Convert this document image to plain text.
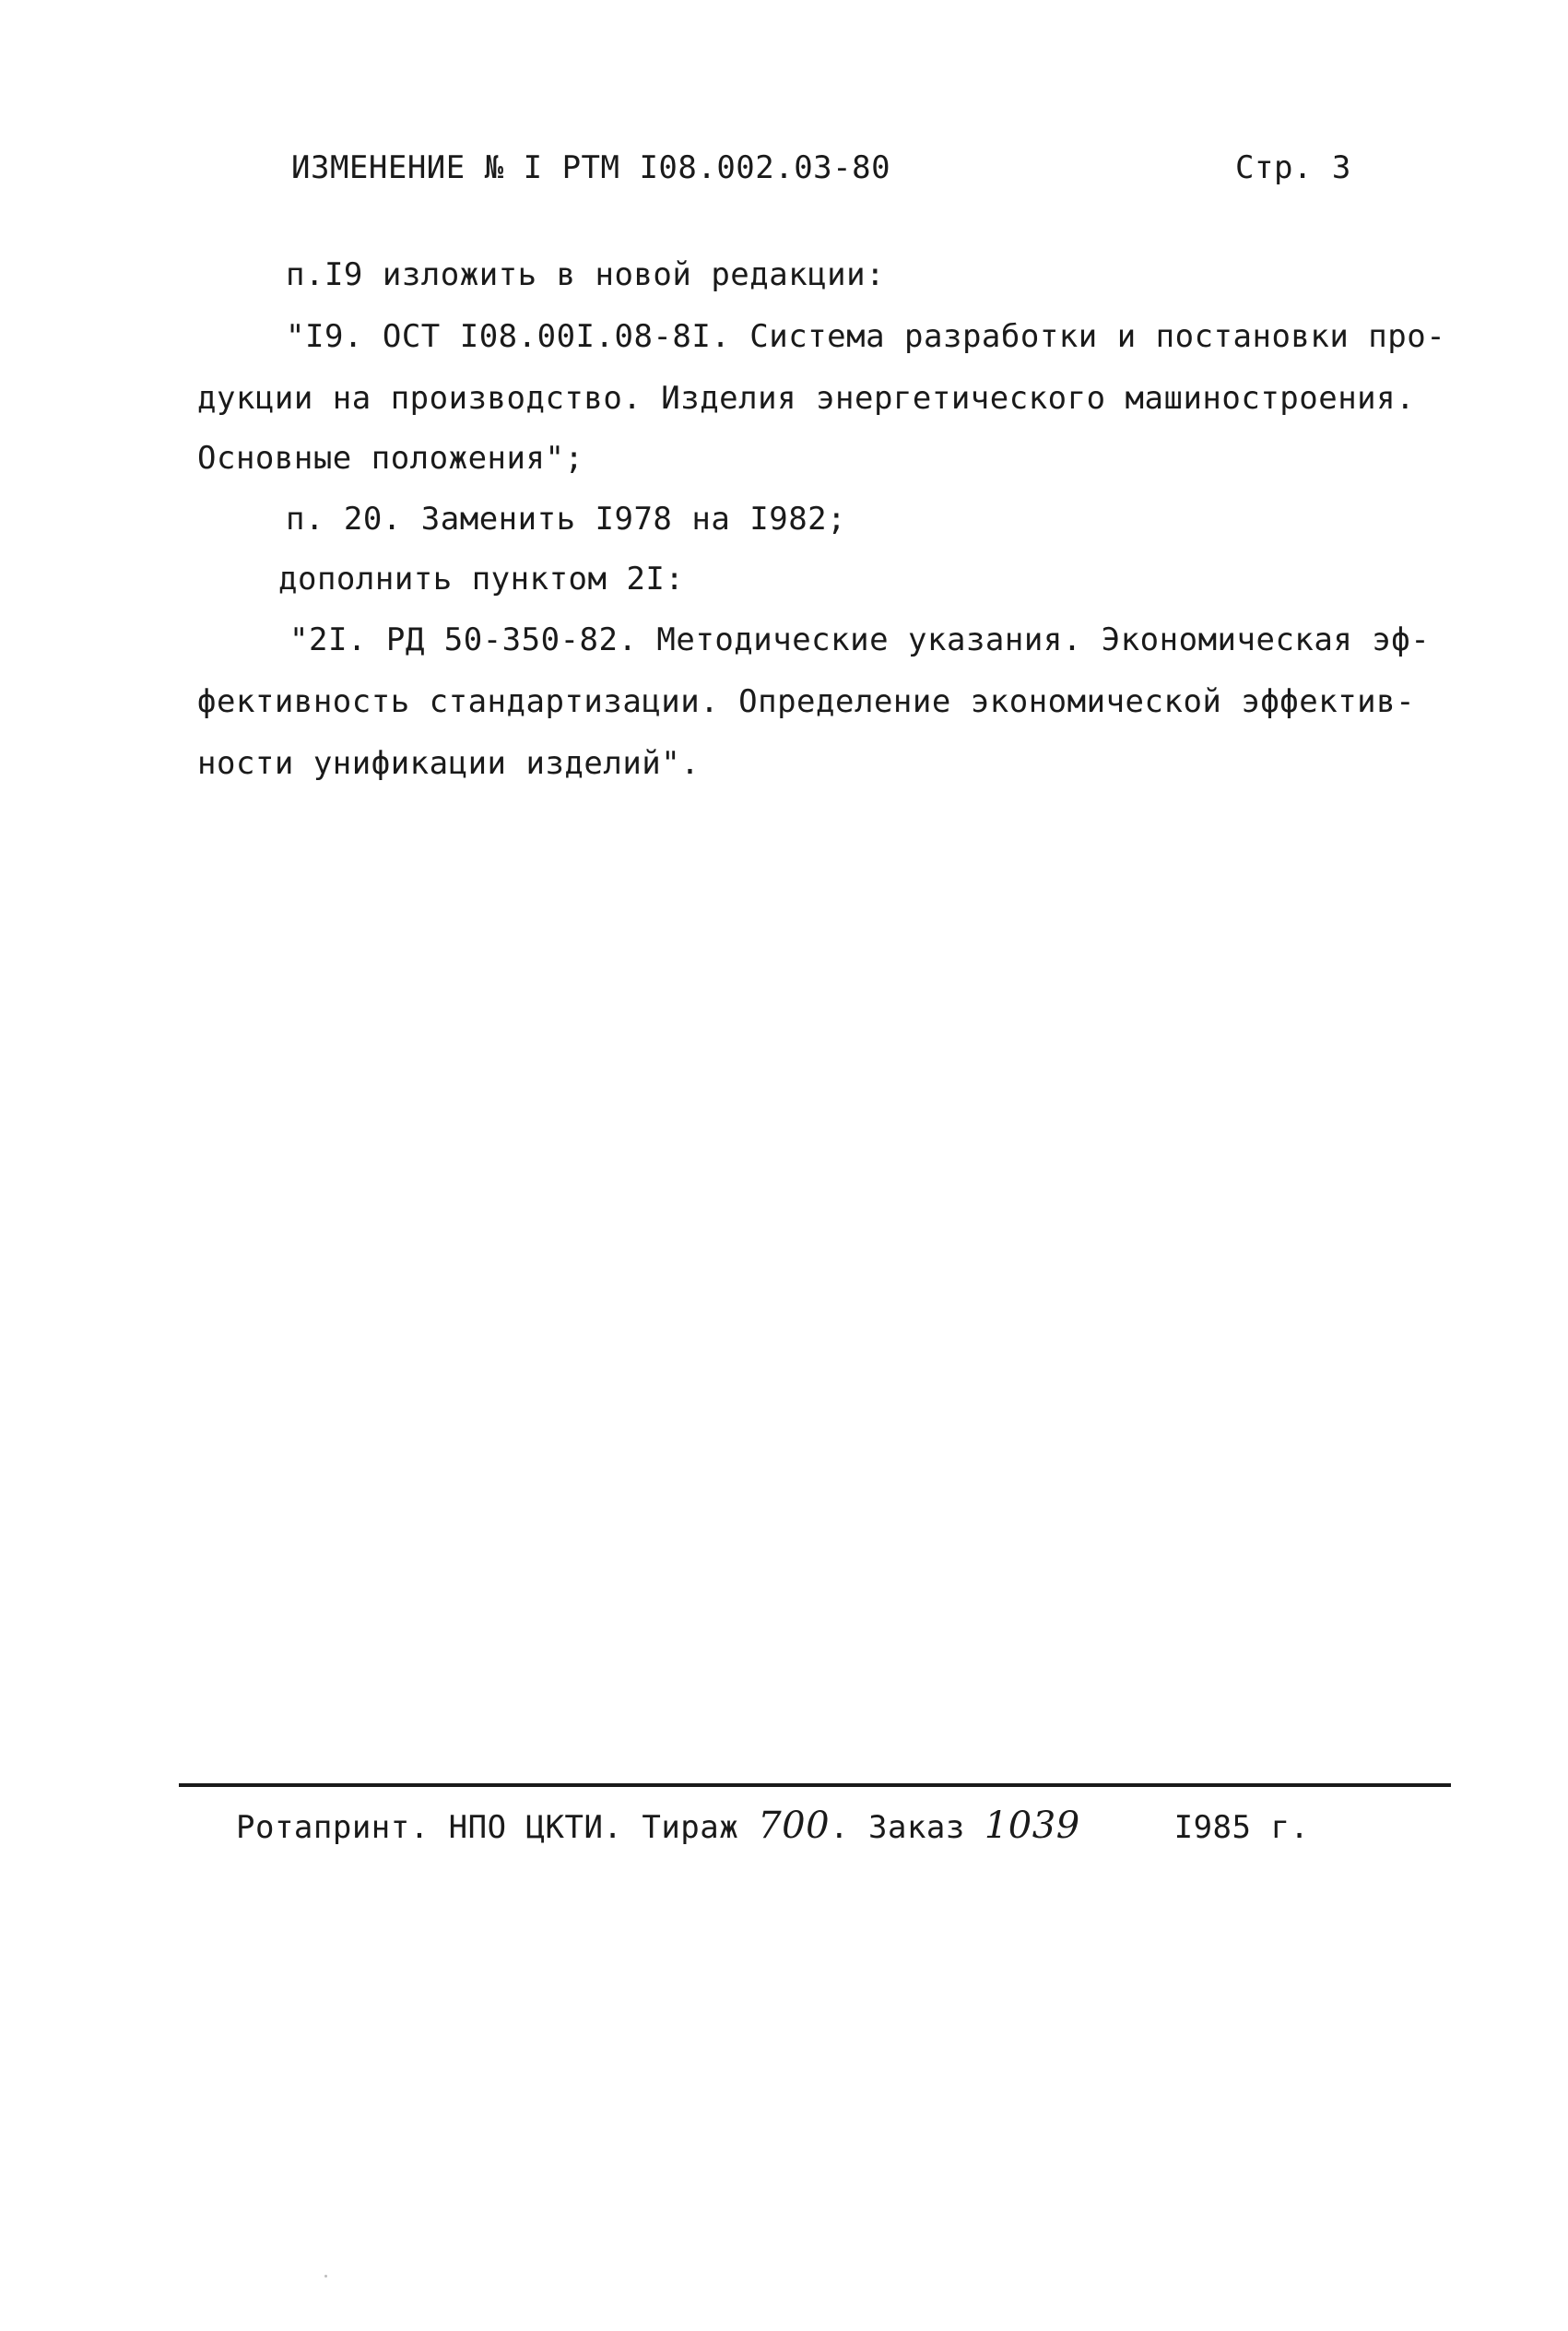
ИЗМЕНЕНИЕ № I РТМ I08.002.03-80	Стр. 3
п.I9 изложить в новой редакции:
"I9. ОСТ I08.00I.08-8I. Система разработки и постановки про-
дукции на производство. Изделия энергетического машиностроения.
Основные положения";
п. 20. Заменить I978 на I982;
дополнить пунктом 2I:
"2I. РД 50-350-82. Методические указания. Экономическая эф-
фективность стандартизации. Определение экономической эффектив-
ности унификации изделий".
Ротапринт. НПО ЦКТИ. Тираж 700. Заказ 1039	I985 г.
